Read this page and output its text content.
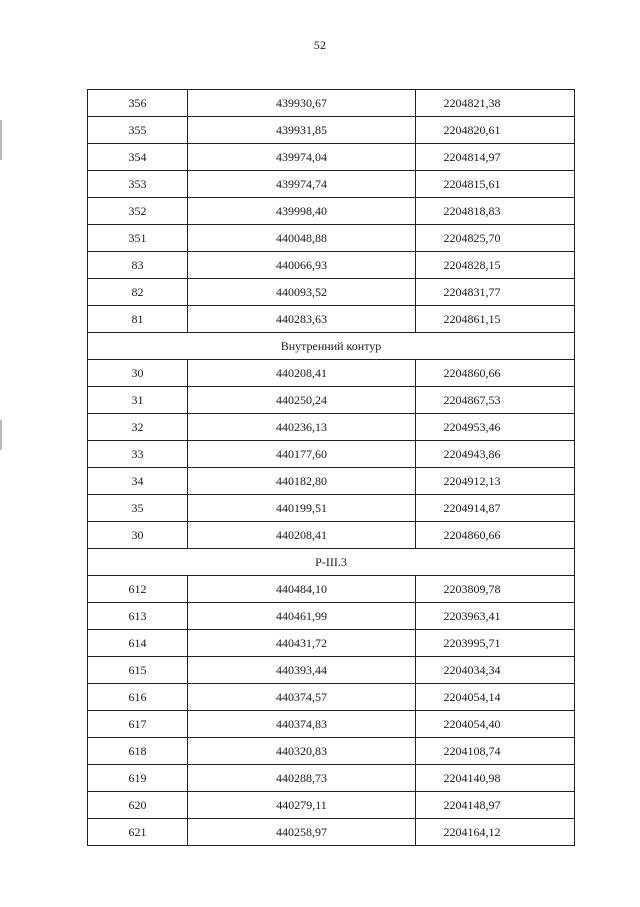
52
356	439930,67	2204821,38
355	439931,85	2204820,61
354	439974,04	2204814,97
353	439974,74	2204815,61
352	439998,40	2204818,83
351	440048,88	2204825,70
83	440066,93	2204828,15
82	440093,52	2204831,77
81	440283,63	2204861,15
Внутренний контур		
30	440208,41	2204860,66
31	440250,24	2204867,53
32	440236,13	2204953,46
33	440177,60	2204943,86
34	440182,80	2204912,13
35	440199,51	2204914,87
30	440208,41	2204860,66
Р-III.3		
612	440484,10	2203809,78
613	440461,99	2203963,41
614	440431,72	2203995,71
615	440393,44	2204034,34
616	440374,57	2204054,14
617	440374,83	2204054,40
618	440320,83	2204108,74
619	440288,73	2204140,98
620	440279,11	2204148,97
621	440258,97	2204164,12
